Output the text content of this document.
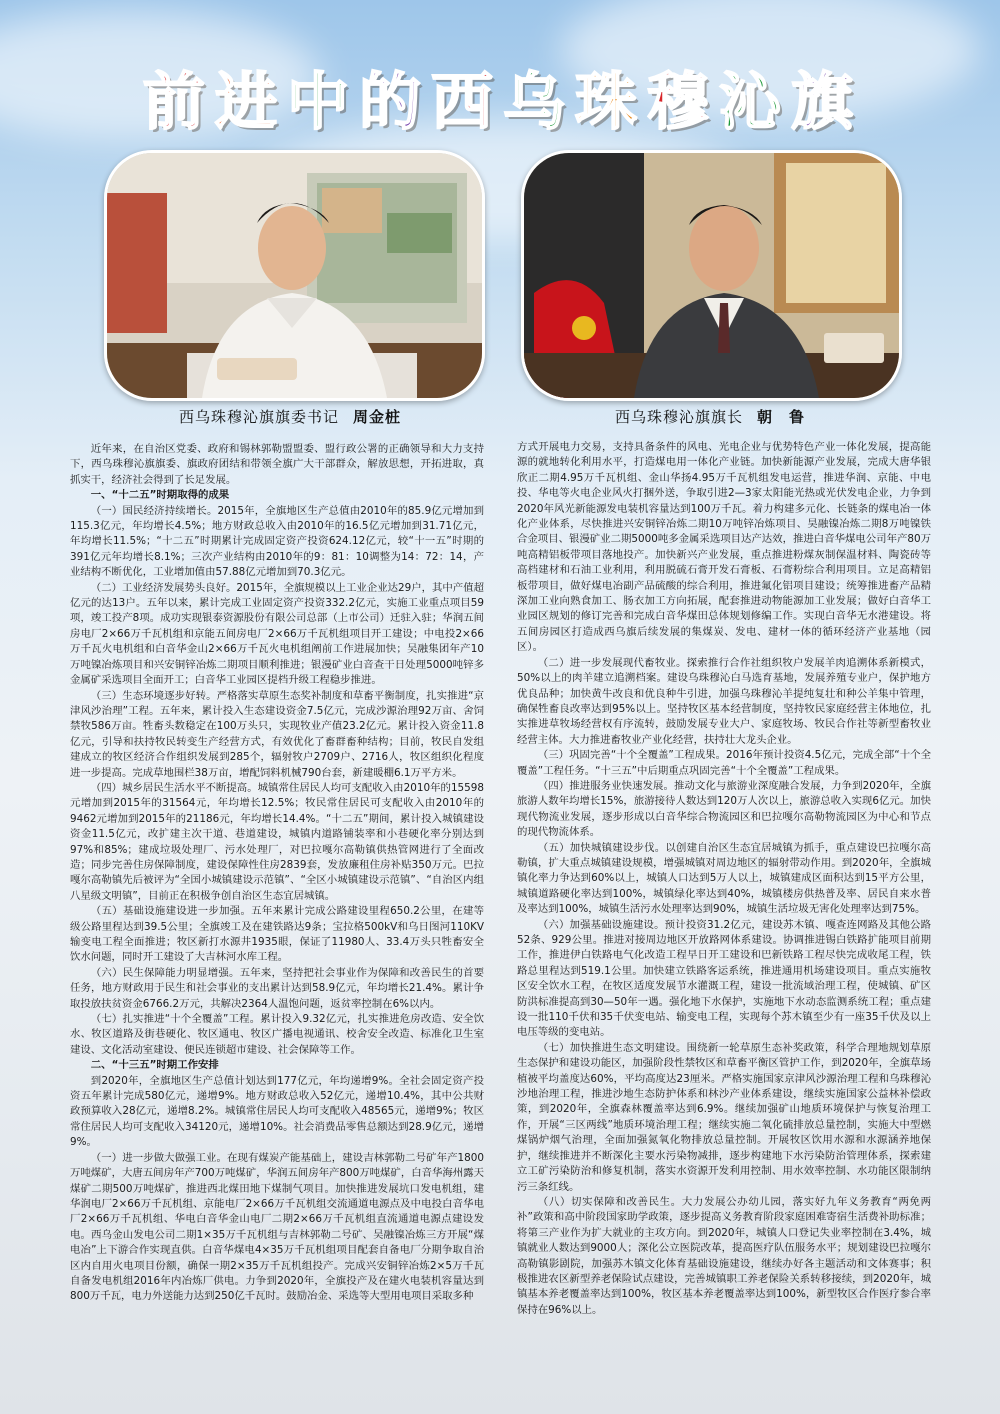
前 进 中 的 西 乌 珠 穆 沁 旗
西乌珠穆沁旗旗委书记 周金桩	西乌珠穆沁旗旗长 朝　鲁

近年来，在自治区党委、政府和锡林郭勒盟盟委、盟行政公署的正确领导和大力支持下，西乌珠穆沁旗旗委、旗政府团结和带领全旗广大干部群众，解放思想，开拓进取，真抓实干，经济社会得到了长足发展。

一、“十二五”时期取得的成果

（一）国民经济持续增长。2015年，全旗地区生产总值由2010年的85.9亿元增加到115.3亿元，年均增长4.5%；地方财政总收入由2010年的16.5亿元增加到31.71亿元，年均增长11.5%；“十二五”时期累计完成固定资产投资624.12亿元，较“十一五”时期的391亿元年均增长8.1%；三次产业结构由2010年的9：81：10调整为14：72：14，产业结构不断优化，工业增加值由57.88亿元增加到70.3亿元。

（二）工业经济发展势头良好。2015年，全旗规模以上工业企业达29户，其中产值超亿元的达13户。五年以来，累计完成工业固定资产投资332.2亿元，实施工业重点项目59项，竣工投产8项。成功实现银泰资源股份有限公司总部（上市公司）迁驻入驻；华润五间房电厂2×66万千瓦机组和京能五间房电厂2×66万千瓦机组项目开工建设；中电投2×66万千瓦火电机组和白音华金山2×66万千瓦火电机组阐前工作进展加快；吴融集团年产10万吨镍冶炼项目和兴安铜锌冶炼二期项目顺利推进；银漫矿业白音查干日处理5000吨锌多金属矿采选项目全面开工；白音华工业园区提档升级工程稳步推进。

（三）生态环境逐步好转。严格落实草原生态奖补制度和草畜平衡制度，扎实推进“京津风沙治理”工程。五年来，累计投入生态建设资金7.5亿元，完成沙源治理92万亩、舍饲禁牧586万亩。牲畜头数稳定在100万头只，实现牧业产值23.2亿元。累计投入资金11.8亿元，引导和扶持牧民转变生产经营方式，有效优化了畜群畜种结构；目前，牧民自发组建成立的牧区经济合作组织发展到285个，辐射牧户2709户、2716人，牧区组织化程度进一步提高。完成草地围栏38万亩，增配饲料机械790台套，新建暖棚6.1万平方米。

（四）城乡居民生活水平不断提高。城镇常住居民人均可支配收入由2010年的15598元增加到2015年的31564元，年均增长12.5%；牧民常住居民可支配收入由2010年的9462元增加到2015年的21186元，年均增长14.4%。“十二五”期间，累计投入城镇建设资金11.5亿元，改扩建主次干道、巷道建设，城镇内道路铺装率和小巷硬化率分别达到97%和85%；建成垃圾处理厂、污水处理厂，对巴拉嘎尔高勒镇供热管网进行了全面改造；同步完善住房保障制度，建设保障性住房2839套，发放廉租住房补贴350万元。巴拉嘎尔高勒镇先后被评为“全国小城镇建设示范镇”、“全区小城镇建设示范镇”、“自治区内组八星级文明镇”，目前正在积极争创自治区生态宜居城镇。

（五）基础设施建设进一步加强。五年来累计完成公路建设里程650.2公里，在建等级公路里程达到39.5公里；全旗竣工及在建铁路达9条；宝拉格500kV和乌日图河110KV输变电工程全面推进；牧区新打水源井1935眼，保证了11980人、33.4万头只牲畜安全饮水问题，同时开工建设了大吉林河水库工程。

（六）民生保障能力明显增强。五年来，坚持把社会事业作为保障和改善民生的首要任务，地方财政用于民生和社会事业的支出累计达到58.9亿元，年均增长21.4%。累计争取投放扶贫资金6766.2万元，共解决2364人温饱问题，返贫率控制在6%以内。

（七）扎实推进“十个全覆盖”工程。累计投入9.32亿元，扎实推进危房改造、安全饮水、牧区道路及街巷硬化、牧区通电、牧区广播电视通讯、校舍安全改造、标准化卫生室建设、文化活动室建设、便民连锁超市建设、社会保障等工作。

二、“十三五”时期工作安排

到2020年，全旗地区生产总值计划达到177亿元，年均递增9%。全社会固定资产投资五年累计完成580亿元，递增9%。地方财政总收入52亿元，递增10.4%，其中公共财政预算收入28亿元，递增8.2%。城镇常住居民人均可支配收入48565元，递增9%；牧区常住居民人均可支配收入34120元，递增10%。社会消费品零售总额达到28.9亿元，递增9%。

（一）进一步做大做强工业。在现有煤炭产能基础上，建设吉林郭勒二号矿年产1800万吨煤矿，大唐五间房年产700万吨煤矿，华润五间房年产800万吨煤矿，白音华海州露天煤矿二期500万吨煤矿，推进西北煤田地下煤制气项目。加快推进发展坑口发电机组，建华润电厂2×66万千瓦机组、京能电厂2×66万千瓦机组交流通道电源点及中电投白音华电厂2×66万千瓦机组、华电白音华金山电厂二期2×66万千瓦机组直流通道电源点建设发电。西乌金山发电公司二期1×35万千瓦机组与吉林郭勒二号矿、吴融镍冶炼三方开展“煤电冶”上下游合作实现直供。白音华煤电4×35万千瓦机组项目配套自备电厂分期争取自治区内自用火电项目份额，确保一期2×35万千瓦机组投产。完成兴安铜锌冶炼2×5万千瓦自备发电机组2016年内冶炼厂供电。力争到2020年，全旗投产及在建火电装机容量达到800万千瓦，电力外送能力达到250亿千瓦时。鼓励冶金、采选等大型用电项目采取多种

方式开展电力交易，支持具备条件的风电、光电企业与优势特色产业一体化发展，提高能源的就地转化利用水平，打造煤电用一体化产业链。加快新能源产业发展，完成大唐华银欣正二期4.95万千瓦机组、金山华扬4.95万千瓦机组发电运营，推进华润、京能、中电投、华电等火电企业风火打捆外送，争取引进2—3家太阳能光热或光伏发电企业，力争到2020年风光新能源发电装机容量达到100万千瓦。着力构建多元化、长链条的煤电冶一体化产业体系，尽快推进兴安铜锌冶炼二期10万吨锌冶炼项目、昊融镍冶炼二期8万吨镍铁合金项目、银漫矿业二期5000吨多金属采选项目达产达效，推进白音华煤电公司年产80万吨高精铝板带项目落地投产。加快新兴产业发展，重点推进粉煤灰制保温材料、陶瓷砖等高档建材和石油工业利用，利用脱硫石膏开发石膏板、石膏粉综合利用项目。立足高精铝板带项目，做好煤电冶副产品硫酸的综合利用，推进氟化铝项目建设；统筹推进畜产品精深加工业向熟食加工、肠衣加工方向拓展，配套推进动物能源加工业发展；做好白音华工业园区规划的修订完善和完成白音华煤田总体规划修编工作。实现白音华无水港建设。将五间房园区打造成西乌旗后续发展的集煤炭、发电、建材一体的循环经济产业基地（园区）。

（二）进一步发展现代畜牧业。探索推行合作社组织牧户发展羊肉追溯体系新模式，50%以上的肉羊建立追溯档案。建设乌珠穆沁白马选育基地，发展养殖专业户，保护地方优良品种；加快黄牛改良和优良种牛引进，加强乌珠穆沁羊提纯复壮和种公羊集中管理，确保牲畜良改率达到95%以上。坚持牧区基本经营制度，坚持牧民家庭经营主体地位，扎实推进草牧场经营权有序流转，鼓励发展专业大户、家庭牧场、牧民合作社等新型畜牧业经营主体。大力推进畜牧业产业化经营，扶持壮大龙头企业。

（三）巩固完善“十个全覆盖”工程成果。2016年预计投资4.5亿元，完成全部“十个全覆盖”工程任务。“十三五”中后期重点巩固完善“十个全覆盖”工程成果。

（四）推进服务业快速发展。推动文化与旅游业深度融合发展，力争到2020年，全旗旅游人数年均增长15%，旅游接待人数达到120万人次以上，旅游总收入实现6亿元。加快现代物流业发展，逐步形成以白音华综合物流园区和巴拉嘎尔高勒物流园区为中心和节点的现代物流体系。

（五）加快城镇建设步伐。以创建自治区生态宜居城镇为抓手，重点建设巴拉嘎尔高勒镇，扩大重点城镇建设规模，增强城镇对周边地区的辐射带动作用。到2020年，全旗城镇化率力争达到60%以上，城镇人口达到5万人以上，城镇建成区面积达到15平方公里，城镇道路硬化率达到100%，城镇绿化率达到40%，城镇楼房供热普及率、居民自来水普及率达到100%，城镇生活污水处理率达到90%，城镇生活垃圾无害化处理率达到75%。

（六）加强基础设施建设。预计投资31.2亿元，建设苏木镇、嘎查连网路及其他公路52条、929公里。推进对接周边地区开放路网体系建设。协调推进锡白铁路扩能项目前期工作，推进伊白铁路电气化改造工程早日开工建设和巴新铁路工程尽快完成收尾工程，铁路总里程达到519.1公里。加快建立铁路客运系统，推进通用机场建设项目。重点实施牧区安全饮水工程，在牧区适度发展节水灌溉工程，建设一批流域治理工程，使城镇、矿区防洪标准提高到30—50年一遇。强化地下水保护，实施地下水动态监测系统工程；重点建设一批110千伏和35千伏变电站、输变电工程，实现每个苏木镇至少有一座35千伏及以上电压等级的变电站。

（七）加快推进生态文明建设。围绕新一轮草原生态补奖政策，科学合理地规划草原生态保护和建设功能区，加强阶段性禁牧区和草畜平衡区管护工作，到2020年，全旗草场植被平均盖度达60%，平均高度达23厘米。严格实施国家京津风沙源治理工程和乌珠穆沁沙地治理工程，推进沙地生态防护体系和林沙产业体系建设，继续实施国家公益林补偿政策，到2020年，全旗森林覆盖率达到6.9%。继续加强矿山地质环境保护与恢复治理工作，开展“三区两线”地质环境治理工程；继续实施二氧化硫排放总量控制，实施大中型燃煤锅炉烟气治理，全面加强氮氧化物排放总量控制。开展牧区饮用水源和水源涵养地保护，继续推进并不断深化主要水污染物减排，逐步构建地下水污染防治管理体系，探索建立工矿污染防治和修复机制，落实水资源开发利用控制、用水效率控制、水功能区限制纳污三条红线。

（八）切实保障和改善民生。大力发展公办幼儿园，落实好九年义务教育“两免两补”政策和高中阶段国家助学政策，逐步提高义务教育阶段家庭困难寄宿生活费补助标准；将第三产业作为扩大就业的主攻方向。到2020年，城镇人口登记失业率控制在3.4%，城镇就业人数达到9000人；深化公立医院改革，提高医疗队伍服务水平；规划建设巴拉嘎尔高勒镇影剧院，加强苏木镇文化体育基础设施建设，继续办好各主题活动和文体赛事；积极推进农区新型养老保险试点建设，完善城镇职工养老保险关系转移接续，到2020年，城镇基本养老覆盖率达到100%，牧区基本养老覆盖率达到100%，新型牧区合作医疗参合率保持在96%以上。
